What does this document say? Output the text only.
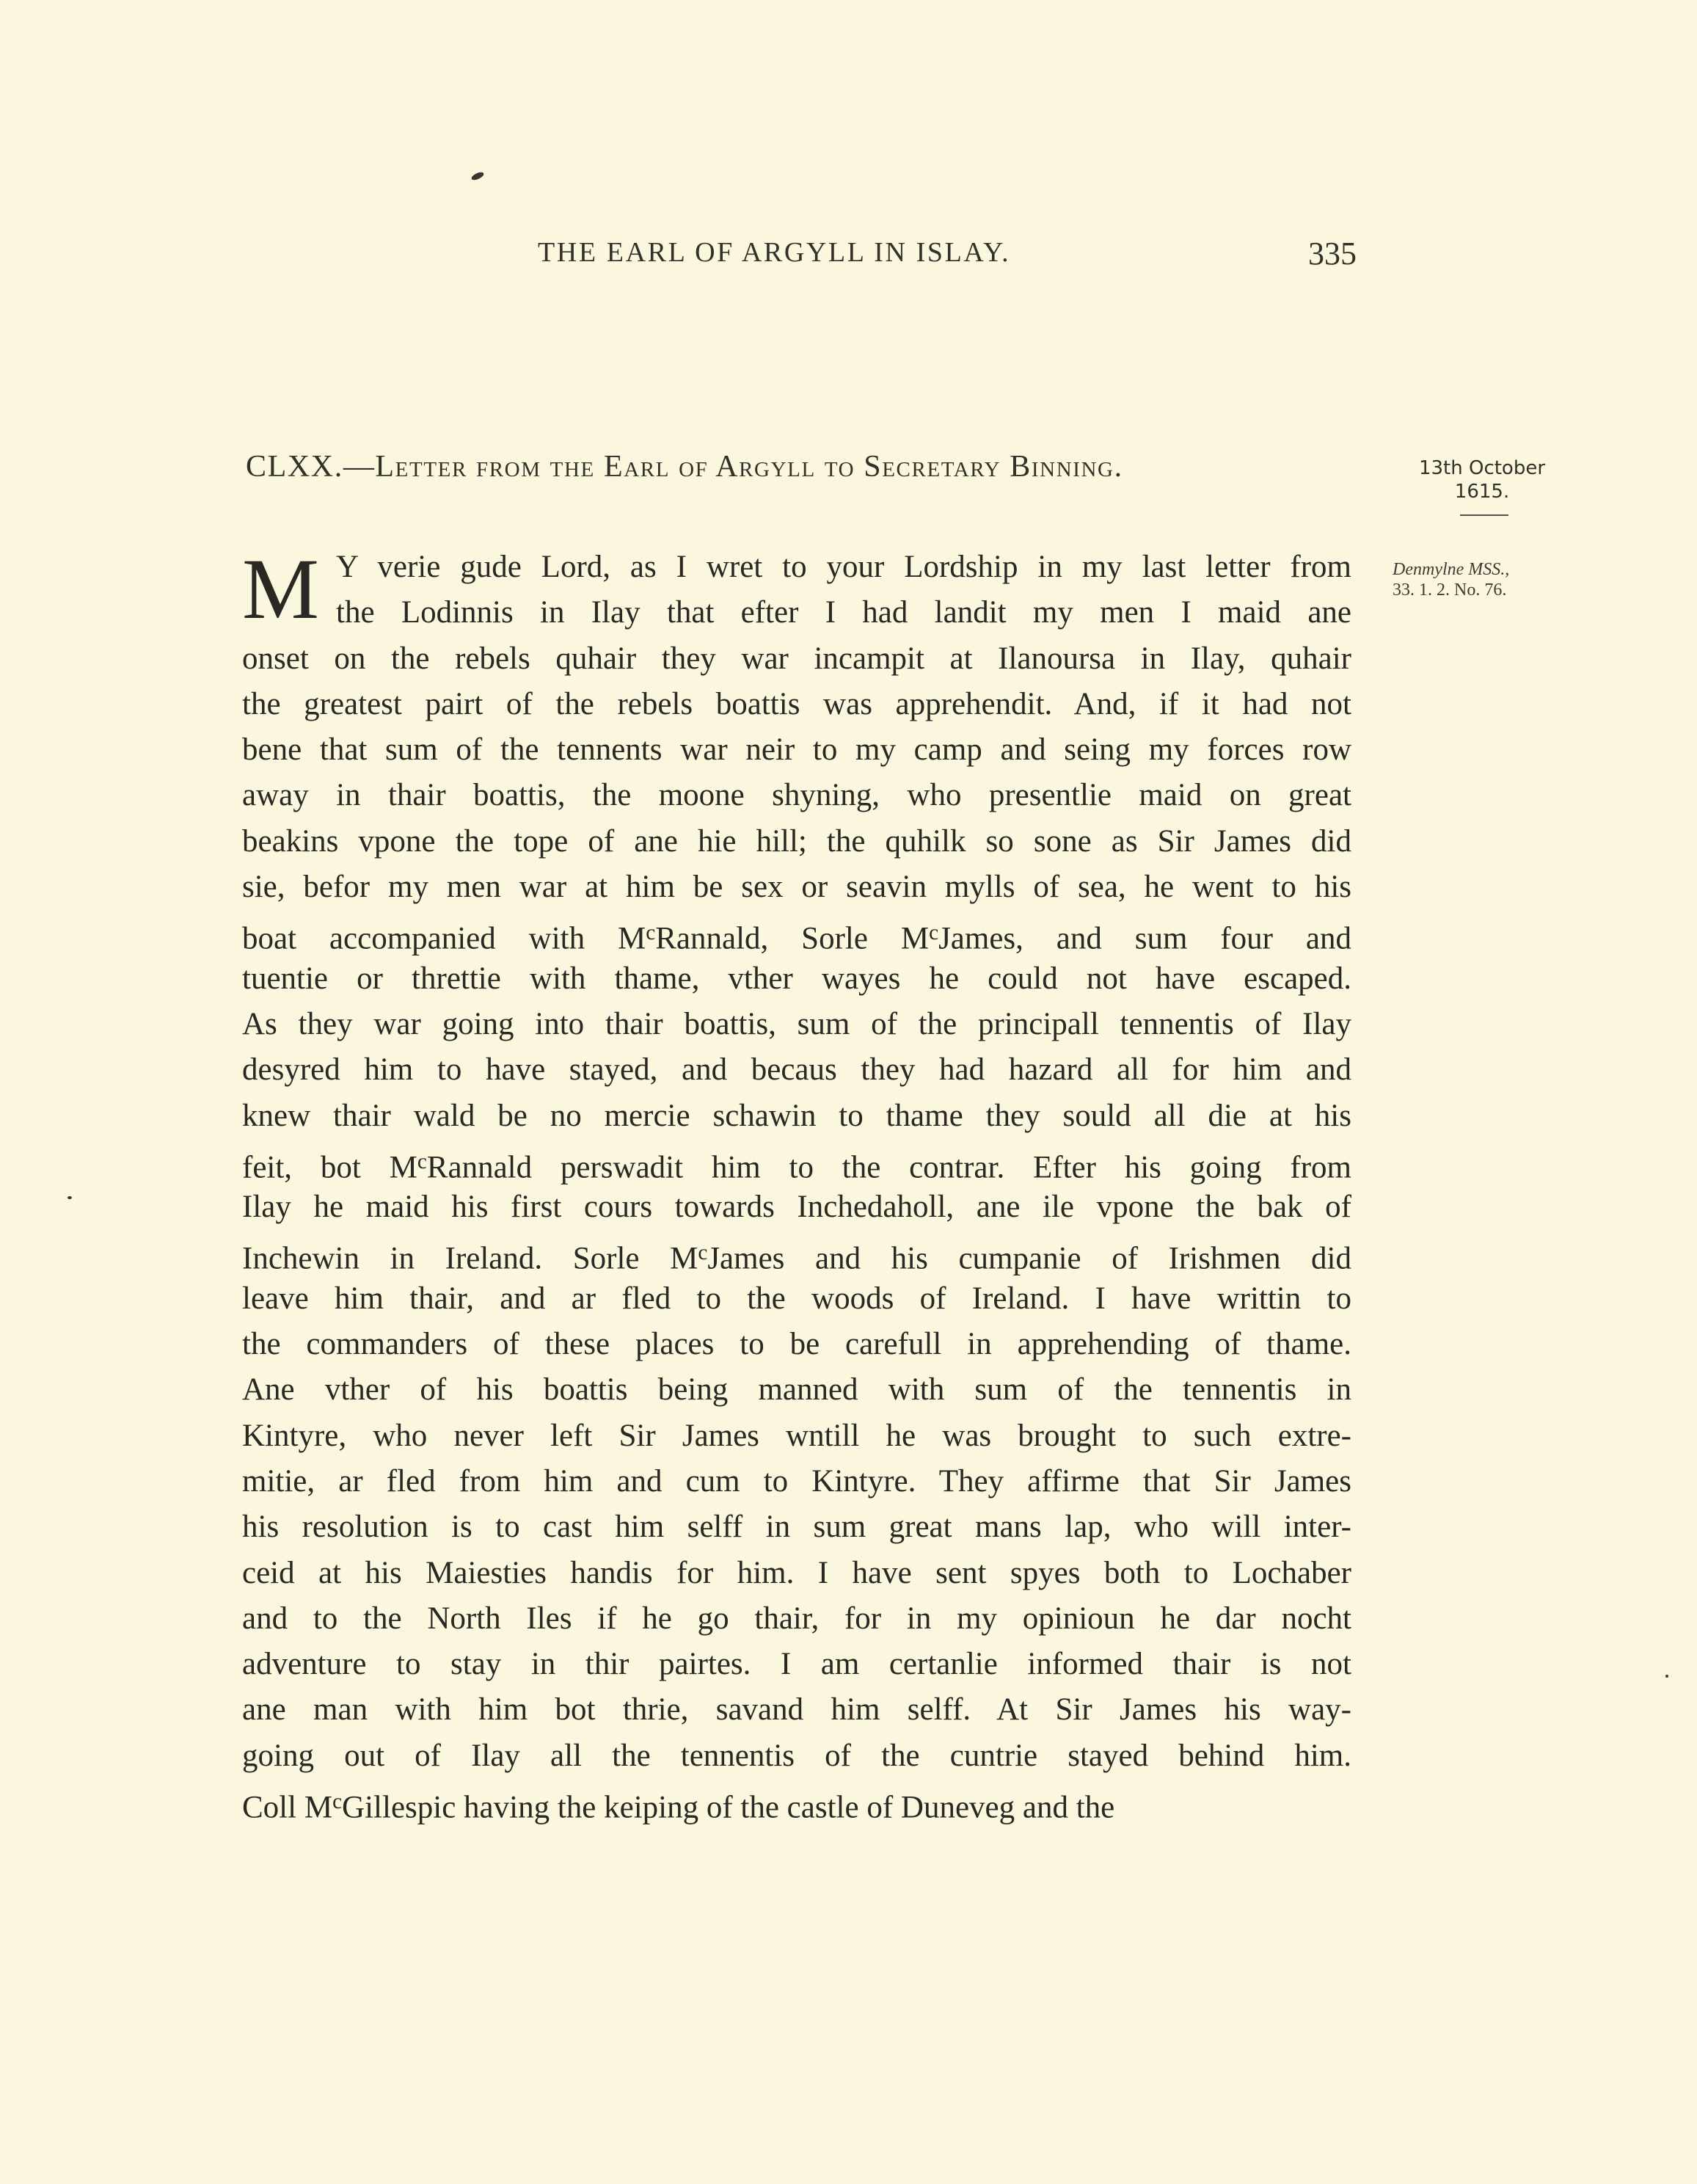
THE EARL OF ARGYLL IN ISLAY.	335
CLXX.—Letter from the Earl of Argyll to Secretary Binning.	13th October
1615.
Denmylne MSS.,
33. 1. 2. No. 76.
M Y verie gude Lord, as I wret to your Lordship in my last letter from
the Lodinnis in Ilay that efter I had landit my men I maid ane
onset on the rebels quhair they war incampit at Ilanoursa in Ilay, quhair
the greatest pairt of the rebels boattis was apprehendit. And, if it had not
bene that sum of the tennents war neir to my camp and seing my forces row
away in thair boattis, the moone shyning, who presentlie maid on great
beakins vpone the tope of ane hie hill; the quhilk so sone as Sir James did
sie, befor my men war at him be sex or seavin mylls of sea, he went to his
boat accompanied with $M^cRannald$, Sorle $M^cJames$, and sum four and
tuentie or threttie with thame, vther wayes he could not have escaped.
As they war going into thair boattis, sum of the principall tennentis of Ilay
desyred him to have stayed, and becaus they had hazard all for him and
knew thair wald be no mercie schawin to thame they sould all die at his
feit, bot $M^cRannald$ perswadit him to the contrar. Efter his going from
Ilay he maid his first cours towards Inchedaholl, ane ile vpone the bak of
Inchewin in Ireland. Sorle $M^cJames$ and his cumpanie of Irishmen did
leave him thair, and ar fled to the woods of Ireland. I have writtin to
the commanders of these places to be carefull in apprehending of thame.
Ane vther of his boattis being manned with sum of the tennentis in
Kintyre, who never left Sir James wntill he was brought to such extre-
mitie, ar fled from him and cum to Kintyre. They affirme that Sir James
his resolution is to cast him selff in sum great mans lap, who will inter-
ceid at his Maiesties handis for him. I have sent spyes both to Lochaber
and to the North Iles if he go thair, for in my opinioun he dar nocht
adventure to stay in thir pairtes. I am certanlie informed thair is not
ane man with him bot thrie, savand him selff. At Sir James his way-
going out of Ilay all the tennentis of the cuntrie stayed behind him.
Coll $M^cGillespic$ having the keiping of the castle of Duneveg and the
